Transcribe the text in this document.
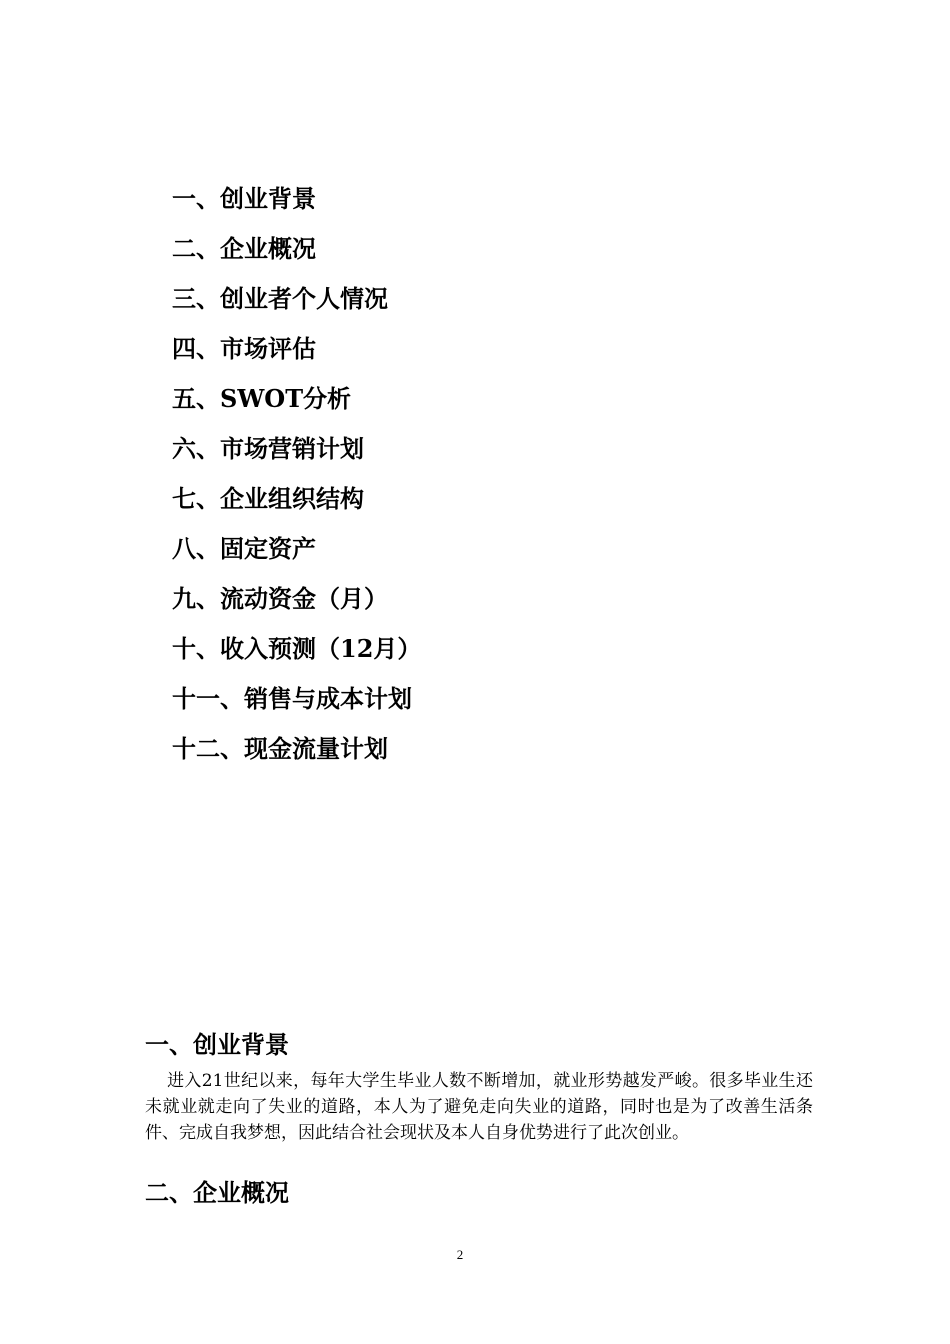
一、创业背景
二、企业概况
三、创业者个人情况
四、市场评估
五、SWOT分析
六、市场营销计划
七、企业组织结构
八、固定资产
九、流动资金（月）
十、收入预测（12月）
十一、销售与成本计划
十二、现金流量计划
一、创业背景

进入21世纪以来，每年大学生毕业人数不断增加，就业形势越发严峻。很多毕业生还未就业就走向了失业的道路，本人为了避免走向失业的道路，同时也是为了改善生活条件、完成自我梦想，因此结合社会现状及本人自身优势进行了此次创业。

二、企业概况
2
